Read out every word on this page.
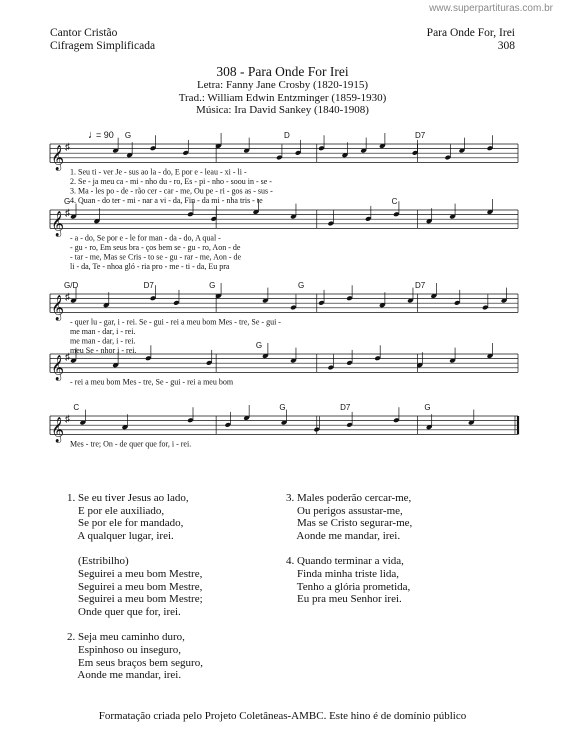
www.superpartituras.com.br
Cantor Cristão
Cifragem Simplificada
Para Onde For, Irei
308
308 - Para Onde For Irei
Letra: Fanny Jane Crosby (1820-1915)
Trad.: William Edwin Entzminger (1859-1930)
Música: Ira David Sankey (1840-1908)
𝄞 ♯
G	D	D7
1. Seu ti - ver Je - sus ao la - do, E por e - leau - xi - li -
2. Se - ja meu ca - mi - nho du - ro, Es - pi - nho - soou in - se -
3. Ma - les po - de - rão cer - car - me, Ou pe - ri - gos as - sus -
4. Quan - do ter - mi - nar a vi - da, Fin - da mi - nha tris - te
♩
= 90
𝄞 ♯
G	C
- a - do, Se por e - le for man - da - do, A qual -
- gu - ro, Em seus bra - ços bem se - gu - ro, Aon - de
- tar - me, Mas se Cris - to se - gu - rar - me, Aon - de
li - da, Te - nhoa gló - ria pro - me - ti - da, Eu pra
𝄞 ♯
G/D	D7	G	G	D7
- quer lu - gar, i - rei. Se - gui - rei a meu bom Mes - tre, Se - gui -
me man - dar, i - rei.
me man - dar, i - rei.
meu Se - nhor i - rei.
𝄞 ♯
G
- rei a meu bom Mes - tre, Se - gui - rei a meu bom
𝄞 ♯
C	G	D7	G
Mes - tre; On - de quer que for, i - rei.
1. Se eu tiver Jesus ao lado,
E por ele auxiliado,
Se por ele for mandado,
A qualquer lugar, irei.
(Estribilho)
Seguirei a meu bom Mestre,
Seguirei a meu bom Mestre,
Seguirei a meu bom Mestre;
Onde quer que for, irei.
2. Seja meu caminho duro,
Espinhoso ou inseguro,
Em seus braços bem seguro,
Aonde me mandar, irei.
3. Males poderão cercar-me,
Ou perigos assustar-me,
Mas se Cristo segurar-me,
Aonde me mandar, irei.
4. Quando terminar a vida,
Finda minha triste lida,
Tenho a glória prometida,
Eu pra meu Senhor irei.
Formatação criada pelo Projeto Coletâneas-AMBC. Este hino é de domínio público
